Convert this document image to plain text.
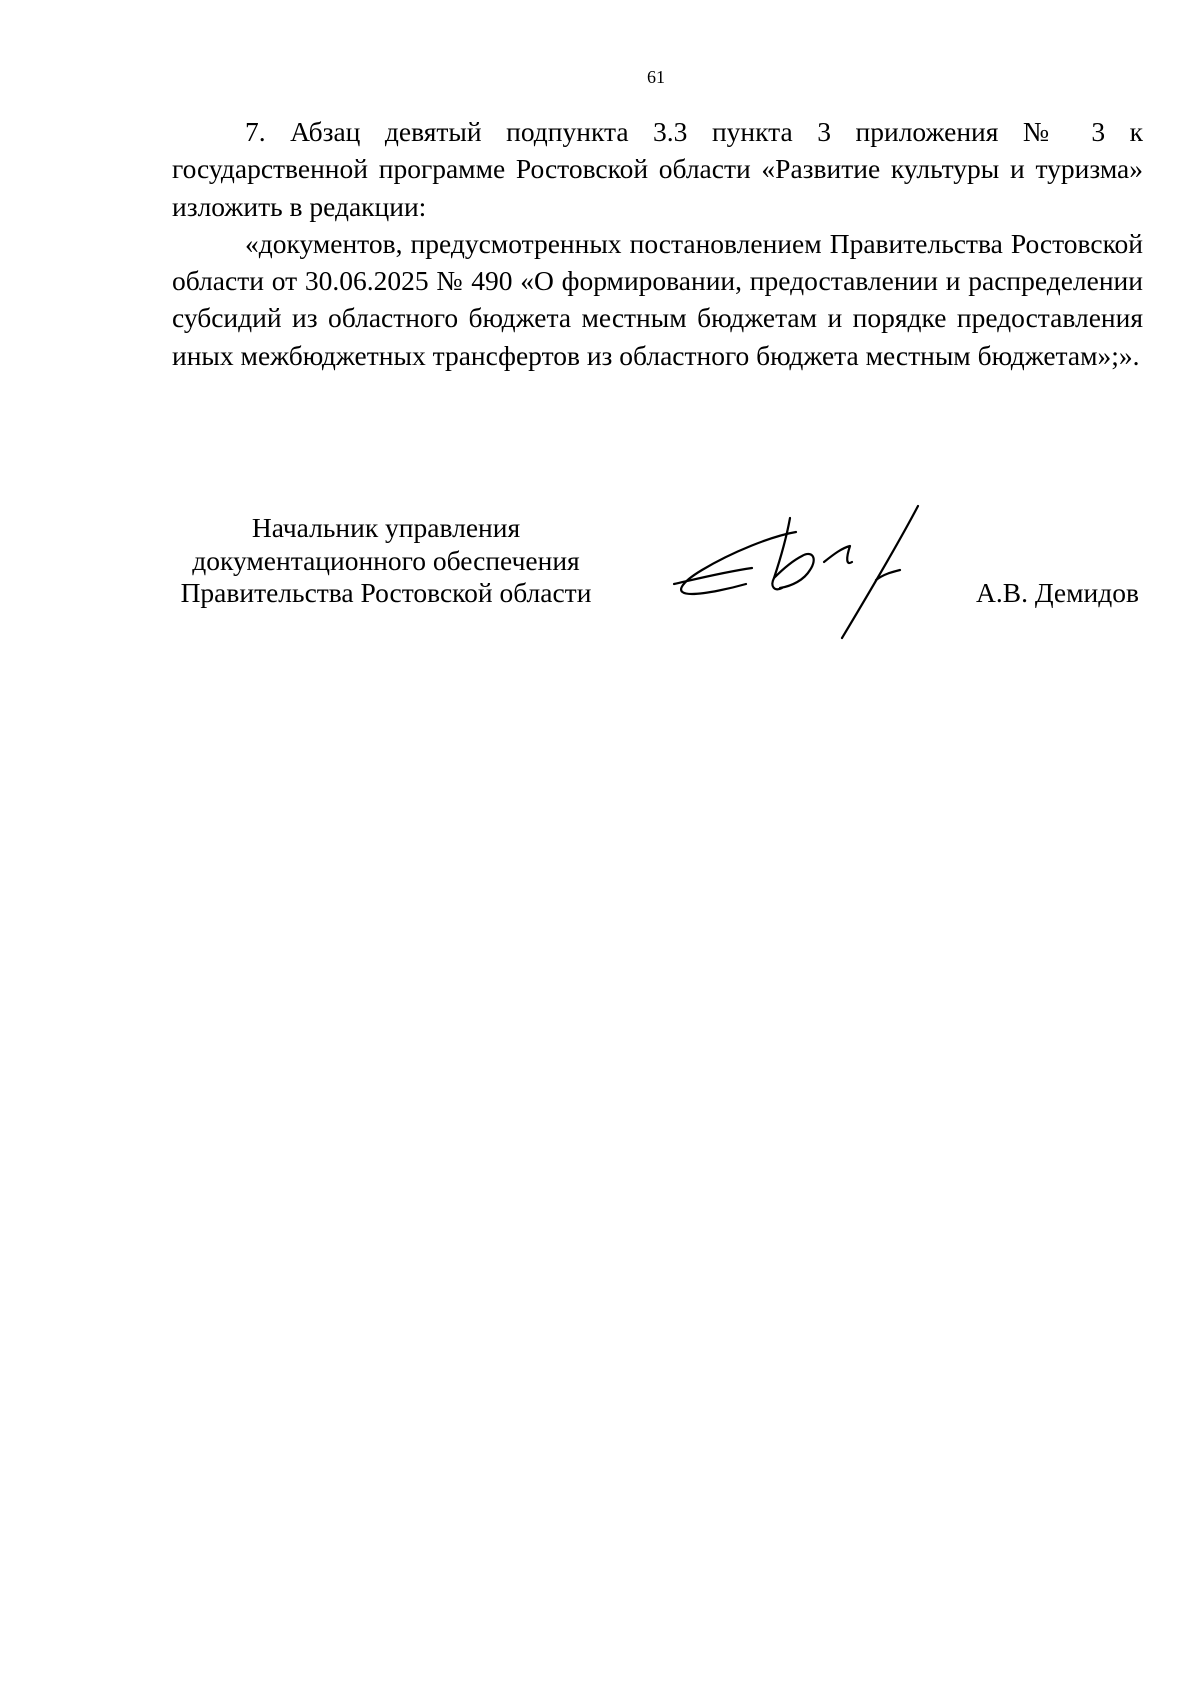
61

7. Абзац девятый подпункта 3.3 пункта 3 приложения № 3 к государственной программе Ростовской области «Развитие культуры и туризма» изложить в редакции:

«документов, предусмотренных постановлением Правительства Ростовской области от 30.06.2025 № 490 «О формировании, предоставлении и распределении субсидий из областного бюджета местным бюджетам и порядке предоставления иных межбюджетных трансфертов из областного бюджета местным бюджетам»;».

Начальник управления
документационного обеспечения
Правительства Ростовской области	А.В. Демидов
